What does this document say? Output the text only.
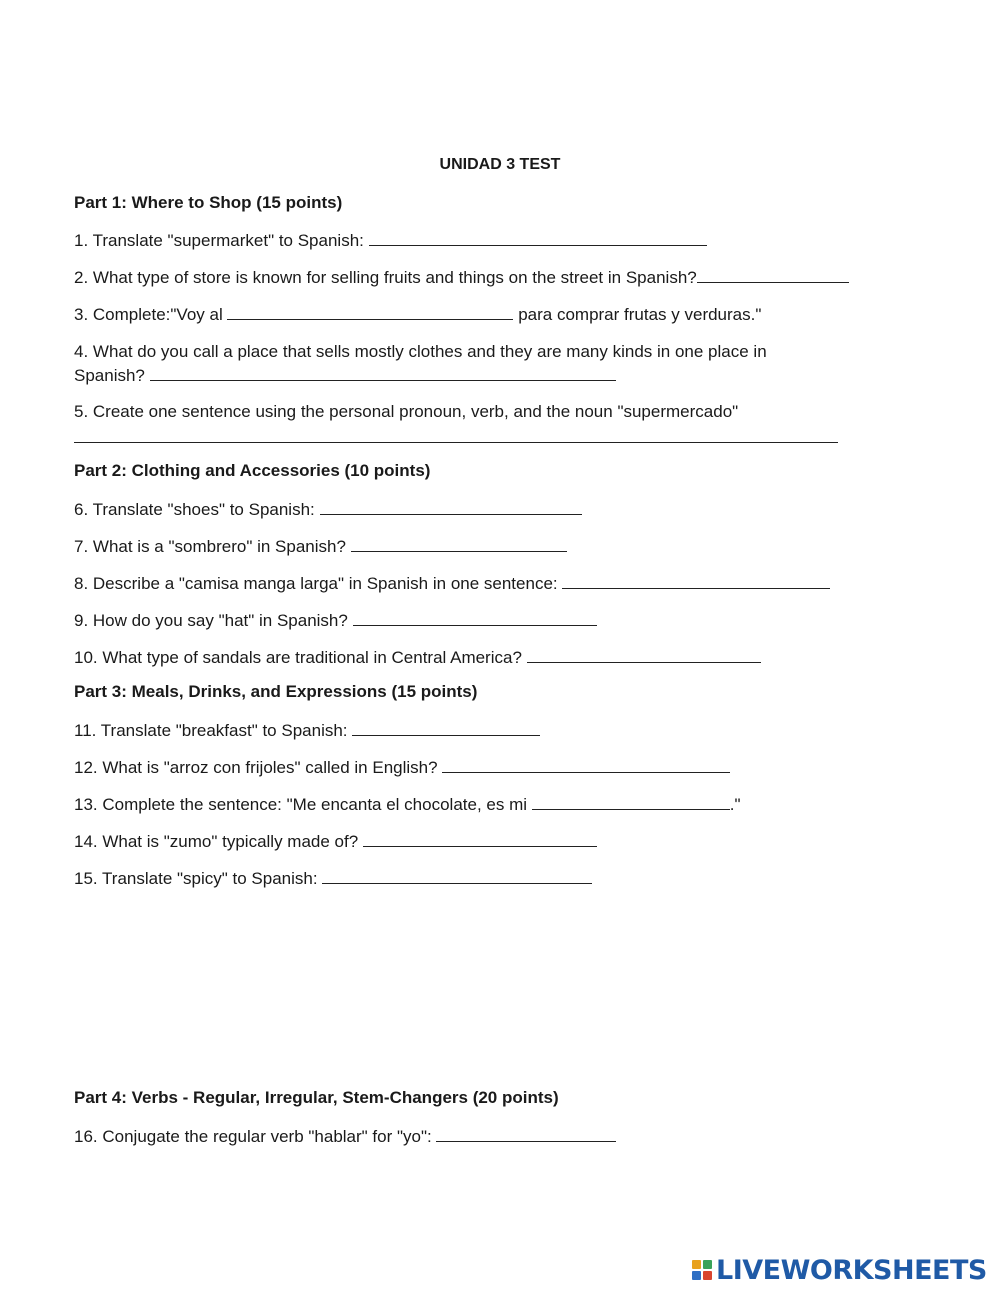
UNIDAD 3 TEST
Part 1: Where to Shop (15 points)
1. Translate "supermarket" to Spanish:
2. What type of store is known for selling fruits and things on the street in Spanish?
3. Complete:"Voy al	para comprar frutas y verduras."
4. What do you call a place that sells mostly clothes and they are many kinds in one place in
Spanish?
5. Create one sentence using the personal pronoun, verb, and the noun "supermercado"
Part 2: Clothing and Accessories (10 points)
6. Translate "shoes" to Spanish:
7. What is a "sombrero" in Spanish?
8. Describe a "camisa manga larga" in Spanish in one sentence:
9. How do you say "hat" in Spanish?
10. What type of sandals are traditional in Central America?
Part 3: Meals, Drinks, and Expressions (15 points)
11. Translate "breakfast" to Spanish:
12. What is "arroz con frijoles" called in English?
13. Complete the sentence: "Me encanta el chocolate, es mi	."
14. What is "zumo" typically made of?
15. Translate "spicy" to Spanish:
Part 4: Verbs - Regular, Irregular, Stem-Changers (20 points)
16. Conjugate the regular verb "hablar" for "yo":
LIVEWORKSHEETS
